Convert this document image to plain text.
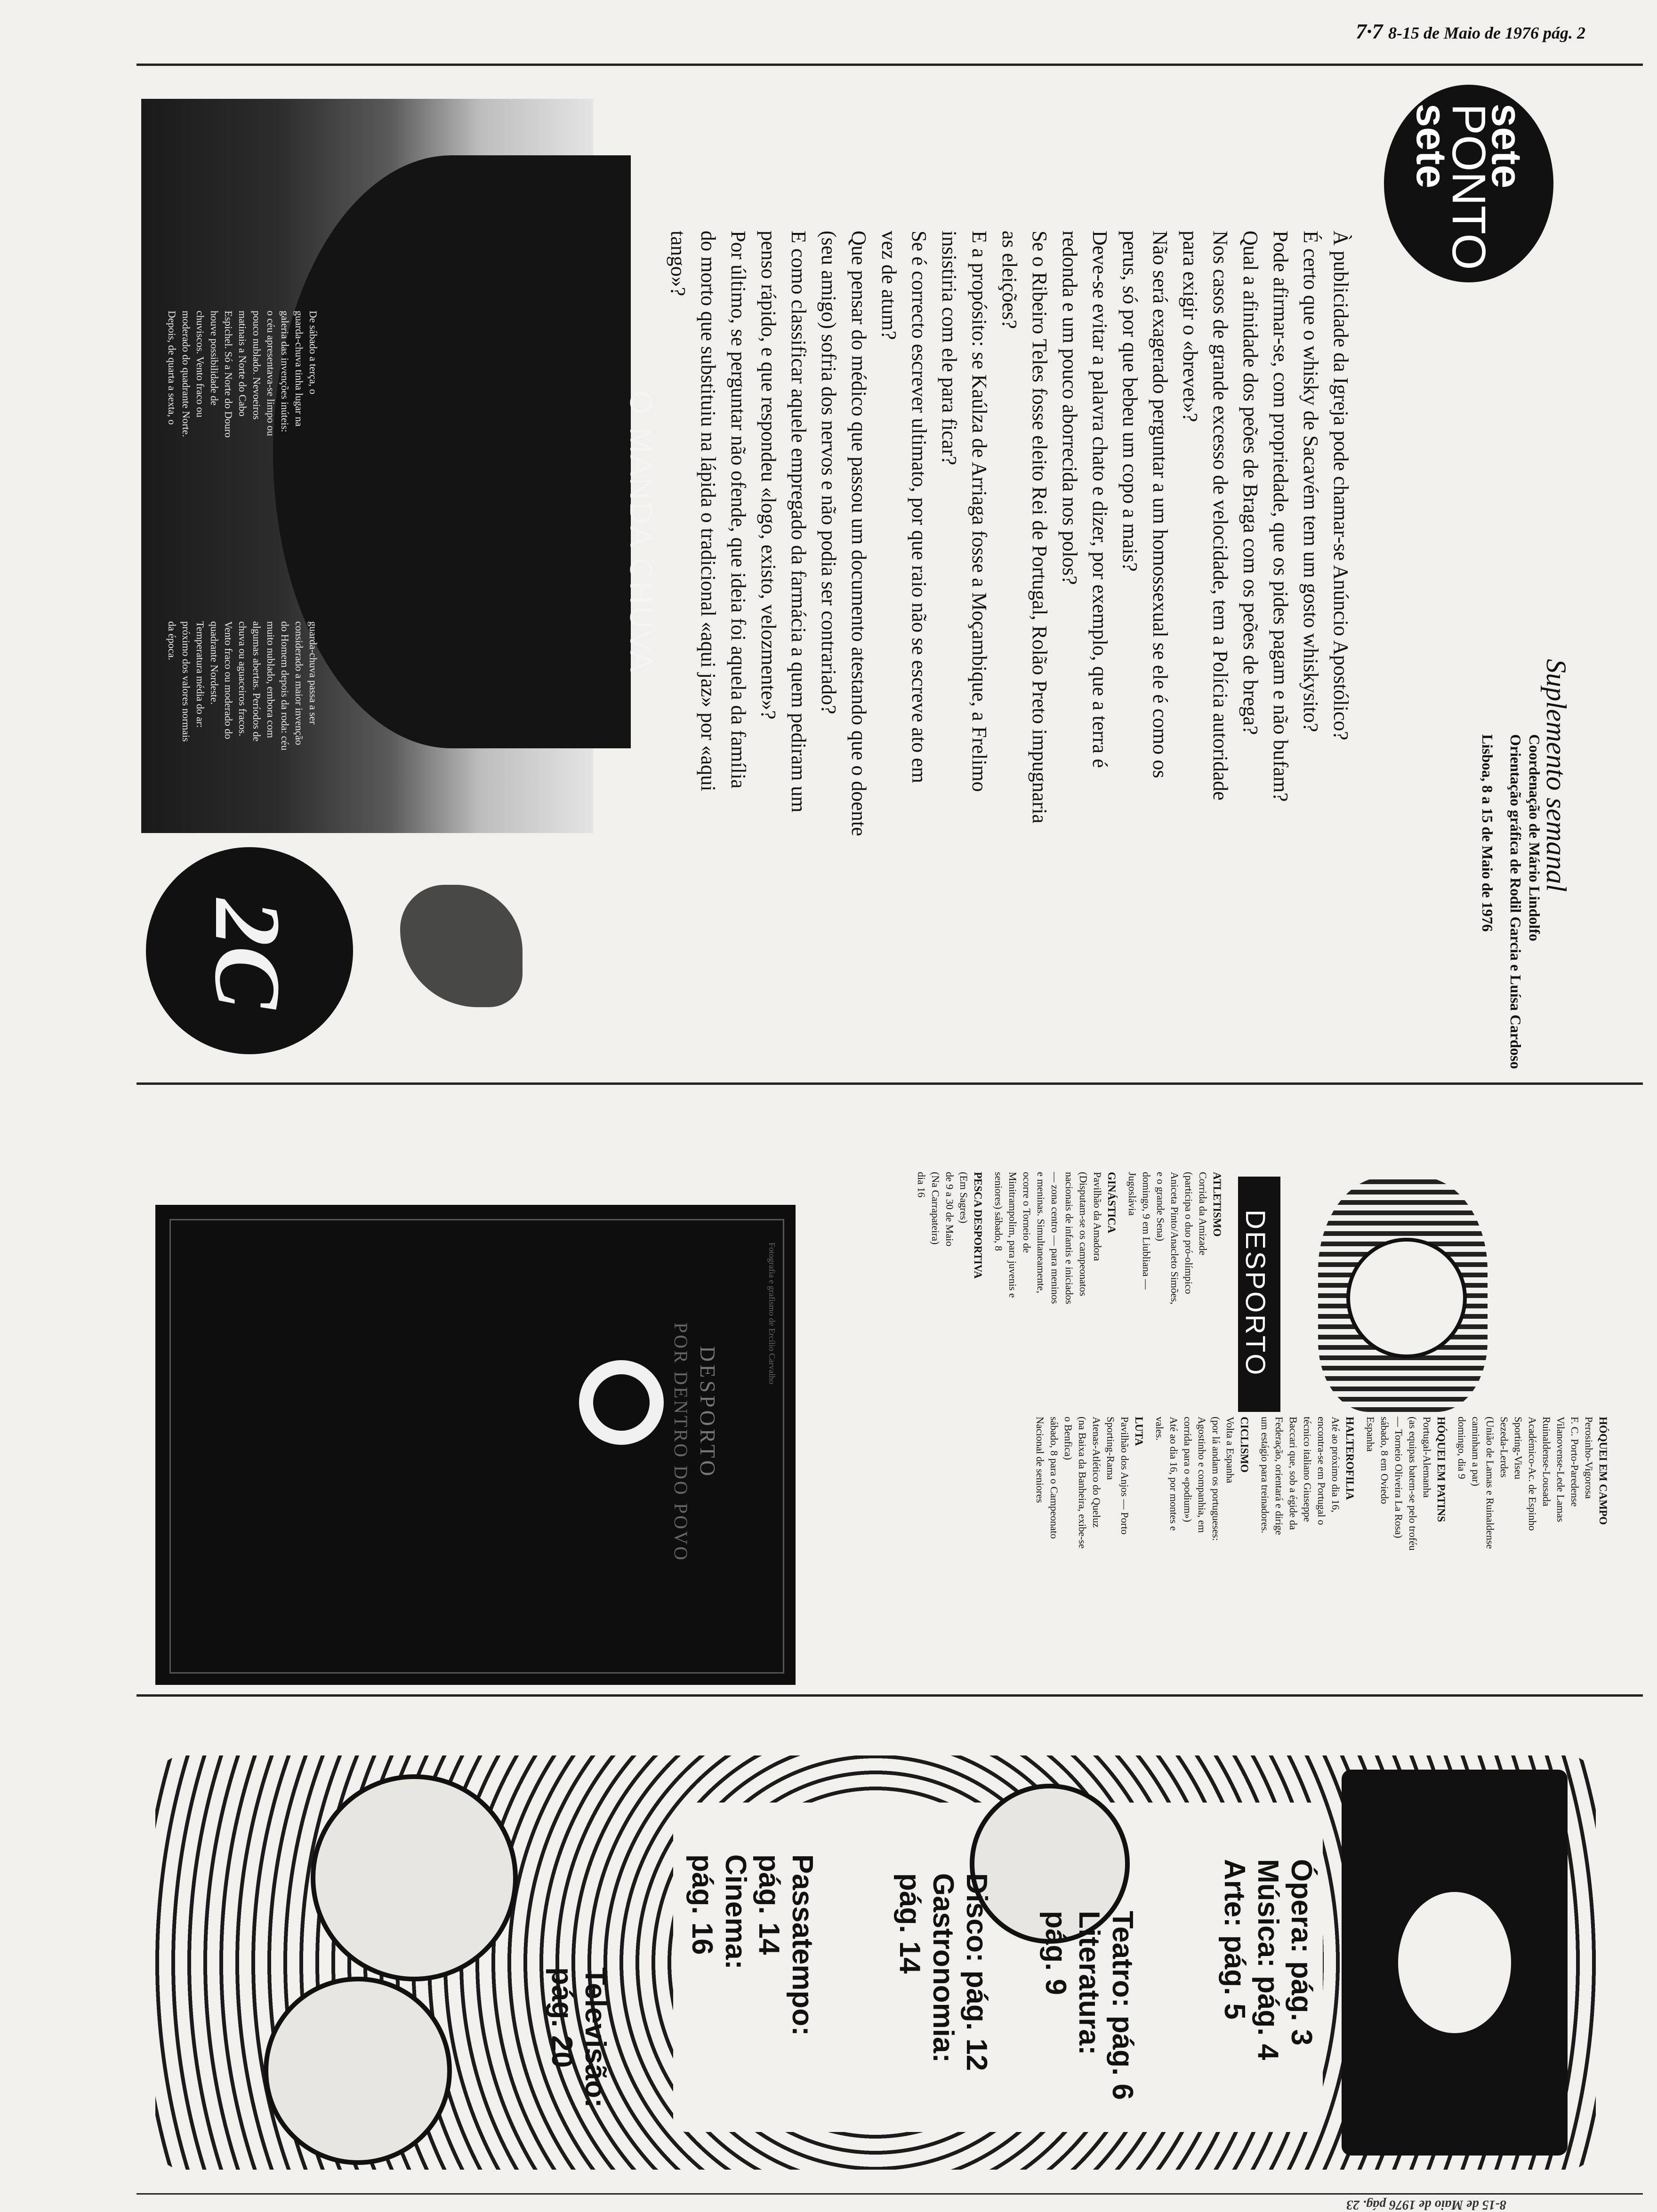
7·7 8-15 de Maio de 1976 pág. 2
sete
PONTO
sete
Suplemento semanal
Coordenação de Mário Lindolfo
Orientação gráfica de Rodil Garcia e Luísa Cardoso
Lisboa, 8 a 15 de Maio de 1976
À publicidade da Igreja pode chamar-se Anúncio Apostólico?
É certo que o whisky de Sacavém tem um gosto whiskysito?
Pode afirmar-se, com propriedade, que os pides pagam e não bufam?
Qual a afinidade dos peões de Braga com os peões de brega?
Nos casos de grande excesso de velocidade, tem a Polícia autoridade
para exigir o «brevet»?
Não será exagerado perguntar a um homossexual se ele é como os
perus, só por que bebeu um copo a mais?
Deve-se evitar a palavra chato e dizer, por exemplo, que a terra é
redonda e um pouco aborrecida nos polos?
Se o Ribeiro Teles fosse eleito Rei de Portugal, Rolão Preto impugnaria
as eleições?
E a propósito: se Kaúlza de Arriaga fosse a Moçambique, a Frelimo
insistiria com ele para ficar?
Se é correcto escrever ultimato, por que raio não se escreve ato em
vez de atum?
Que pensar do médico que passou um documento atestando que o doente
(seu amigo) sofria dos nervos e não podia ser contrariado?
E como classificar aquele empregado da farmácia a quem pediram um
penso rápido, e que respondeu «logo, existo, velozmente»?
Por último, se perguntar não ofende, que ideia foi aquela da família
do morto que substituiu na lápida o tradicional «aqui jaz» por «aqui
tango»?
O MANDA CHUVA
De sábado a terça, o
guarda-chuva tinha lugar na
galeria das invenções inúteis:
o céu apresentava-se limpo ou
pouco nublado. Nevoeiros
matinais a Norte do Cabo
Espichel. Só a Norte do Douro
houve possibilidade de
chuviscos. Vento fraco ou
moderado do quadrante Norte.
Depois, de quarta a sexta, o
guarda-chuva passa a ser
considerado a maior invenção
do Homem depois da roda: céu
muito nublado, embora com
algumas abertas. Períodos de
chuva ou aguaceiros fracos.
Vento fraco ou moderado do
quadrante Nordeste.
Temperatura média do ar:
próximo dos valores normais
da época.
2C
DESPORTO
ATLETISMO
Corrida da Amizade
(participa o duo pró-olímpico
Aniceta Pinto/Anacleto Simões,
e o grande Sena)
domingo, 9 em Liubliana —
Jugoslávia
GINÁSTICA
Pavilhão da Amadora
(Disputam-se os campeonatos
nacionais de infantis e iniciados
— zona centro — para meninos
e meninas. Simultaneamente,
ocorre o Torneio de
Minitrampolim, para juvenis e
seniores) sábado, 8
PESCA DESPORTIVA
(Em Sagres)
de 9 a 30 de Maio
(Na Carrapateira)
dia 16
HÓQUEI EM CAMPO
Perosinho-Vigorosa
F. C. Porto-Paredense
Vilanovense-Lede Lamas
Ruinaldense-Lousada
Académico-Ac. de Espinho
Sporting-Viseu
Sezeda-Lerdes
(União de Lamas e Ruinaldense
caminham a par)
domingo, dia 9
HÓQUEI EM PATINS
Portugal-Alemanha
(as equipas batem-se pelo troféu
— Torneio Oliveira La Rosa)
sábado, 8 em Oviedo
Espanha
HALTEROFILIA
Até ao próximo dia 16,
encontra-se em Portugal o
técnico italiano Giuseppe
Baccari que, sob a égide da
Federação, orientará e dirige
um estágio para treinadores.
CICLISMO
Volta a Espanha
(por lá andam os portugueses:
Agostinho e companhia, em
corrida para o «podium»)
Até ao dia 16, por montes e
vales.
LUTA
Pavilhão dos Anjos — Porto
Sporting-Rama
Atenas-Atlético do Queluz
(na Baixa da Banheira, exibe-se
o Benfica)
sábado, 8 para o Campeonato
Nacional de seniores
DESPORTO
POR DENTRO DO POVO
Fotografia e grafismo de Ercílio Carvalho
Ópera: pág. 3
Música: pág. 4
Arte: pág. 5
Teatro: pág. 6
Literatura:
pág. 9
Disco: pág. 12
Gastronomia:
pág. 14
Passatempo:
pág. 14
Cinema:
pág. 16
Televisão:
pág. 20
8-15 de Maio de 1976 pág. 23
